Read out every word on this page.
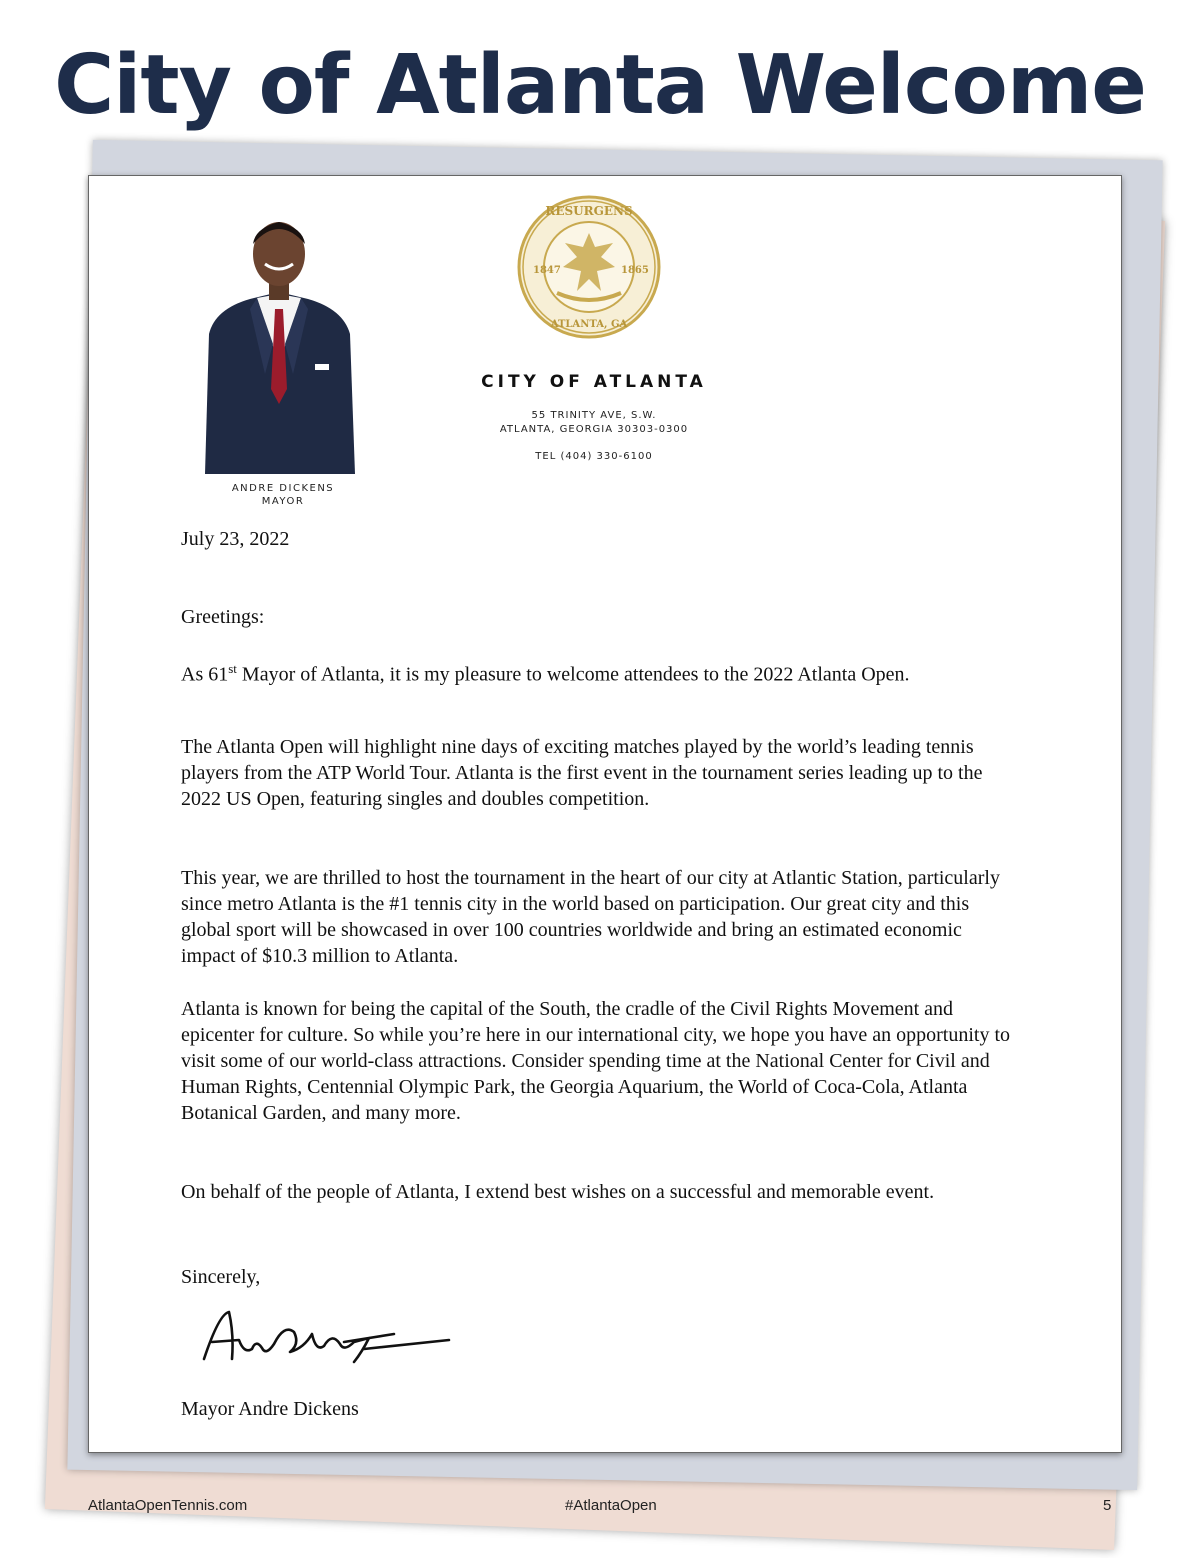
City of Atlanta Welcome
ANDRE DICKENS
MAYOR
RESURGENS
1847	1865
ATLANTA, GA
CITY OF ATLANTA
55 TRINITY AVE, S.W.
ATLANTA, GEORGIA 30303-0300
TEL (404) 330-6100
July 23, 2022
Greetings:

As 61st Mayor of Atlanta, it is my pleasure to welcome attendees to the 2022 Atlanta Open.

The Atlanta Open will highlight nine days of exciting matches played by the world’s leading tennis players from the ATP World Tour. Atlanta is the first event in the tournament series leading up to the 2022 US Open, featuring singles and doubles competition.
This year, we are thrilled to host the tournament in the heart of our city at Atlantic Station, particularly since metro Atlanta is the #1 tennis city in the world based on participation. Our great city and this global sport will be showcased in over 100 countries worldwide and bring an estimated economic impact of $10.3 million to Atlanta.
Atlanta is known for being the capital of the South, the cradle of the Civil Rights Movement and epicenter for culture. So while you’re here in our international city, we hope you have an opportunity to visit some of our world-class attractions. Consider spending time at the National Center for Civil and Human Rights, Centennial Olympic Park, the Georgia Aquarium, the World of Coca-Cola, Atlanta Botanical Garden, and many more.
On behalf of the people of Atlanta, I extend best wishes on a successful and memorable event.
Sincerely,
Mayor Andre Dickens
AtlantaOpenTennis.com	#AtlantaOpen	5
